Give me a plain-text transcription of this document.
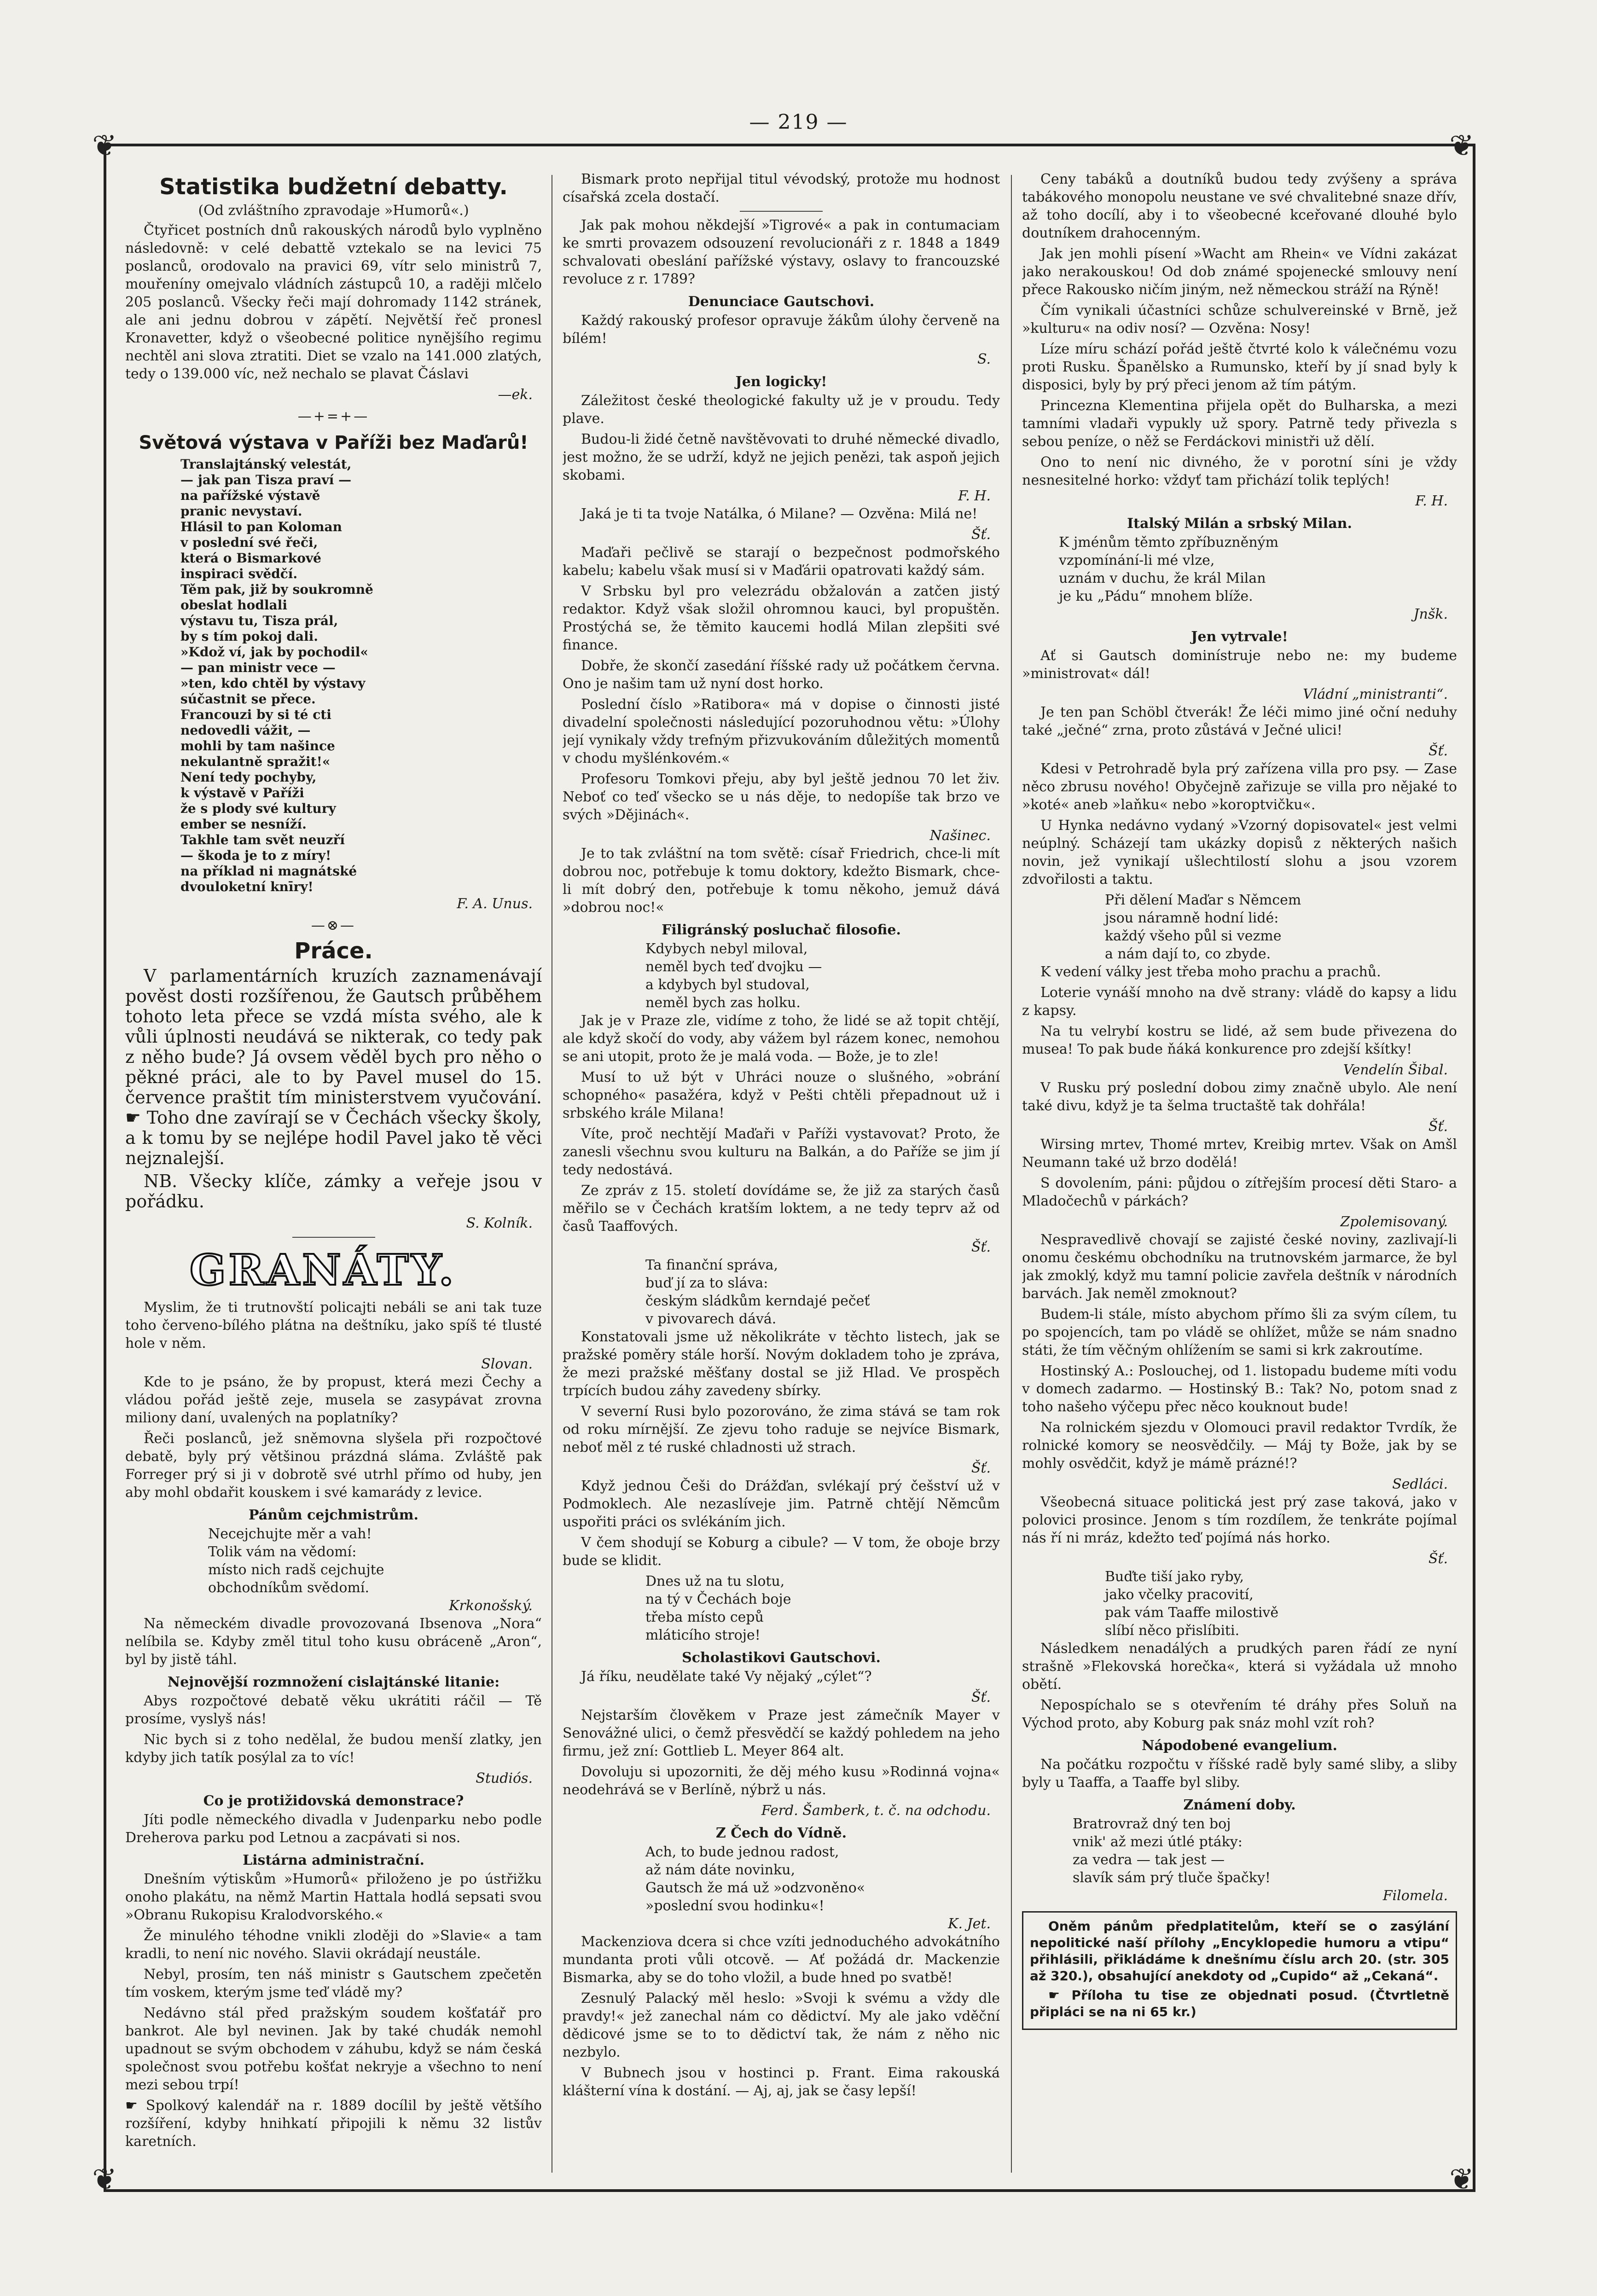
— 219 —
❦	❦
❦	❦
Statistika budžetní debatty.
(Od zvláštního zpravodaje »Humorů«.)

Čtyřicet postních dnů rakouských národů bylo vyplněno následovně: v celé debattě vztekalo se na levici 75 poslanců, orodovalo na pravici 69, vítr selo ministrů 7, mouřeníny omejvalo vládních zástupců 10, a raději mlčelo 205 poslanců. Všecky řeči mají dohromady 1142 stránek, ale ani jednu dobrou v zápětí. Největší řeč pronesl Kronavetter, když o všeobecné politice nynějšího regimu nechtěl ani slova ztratiti. Diet se vzalo na 141.000 zlatých, tedy o 139.000 víc, než nechalo se plavat Čáslavi

—ek.
—+=+—
Světová výstava v Paříži bez Maďarů!
Translajtánský velestát,
— jak pan Tisza praví —
na pařížské výstavě
pranic nevystaví.
Hlásil to pan Koloman
v poslední své řeči,
která o Bismarkové
inspiraci svědčí.
Těm pak, již by soukromně
obeslat hodlali
výstavu tu, Tisza prál,
by s tím pokoj dali.
»Kdož ví, jak by pochodil«
— pan ministr vece —
»ten, kdo chtěl by výstavy
súčastnit se přece.
Francouzi by si té cti
nedovedli vážit, —
mohli by tam našince
nekulantně spražit!«
Není tedy pochyby,
k výstavě v Paříži
že s plody své kultury
ember se nesníží.
Takhle tam svět neuzří
— škoda je to z míry!
na příklad ni magnátské
dvouloketní knīry!
F. A. Unus.
—⊗—
Práce.

V parlamentárních kruzích zaznamenávají pověst dosti rozšířenou, že Gautsch průběhem tohoto leta přece se vzdá místa svého, ale k vůli úplnosti neudává se nikterak, co tedy pak z něho bude? Já ovsem věděl bych pro něho o pěkné práci, ale to by Pavel musel do 15. července praštit tím ministerstvem vyučování. ☛ Toho dne zavírají se v Čechách všecky školy, a k tomu by se nejlépe hodil Pavel jako tě věci nejznalejší.

NB. Všecky klíče, zámky a veřeje jsou v pořádku.

S. Kolník.
GRANÁTY.

Myslim, že ti trutnovští policajti nebáli se ani tak tuze toho červeno-bílého plátna na deštníku, jako spíš té tlusté hole v něm.

Slovan.

Kde to je psáno, že by propust, která mezi Čechy a vládou pořád ještě zeje, musela se zasypávat zrovna miliony daní, uvalených na poplatníky?

Řeči poslanců, jež sněmovna slyšela při rozpočtové debatě, byly prý většinou prázdná sláma. Zvláště pak Forreger prý si ji v dobrotě své utrhl přímo od huby, jen aby mohl obdařit kouskem i své kamarády z levice.

Pánům cejchmistrům.
Necejchujte měr a vah!
Tolik vám na vědomí:
místo nich radš cejchujte
obchodníkům svědomí.
Krkonošský.

Na německém divadle provozovaná Ibsenova „Nora“ nelíbila se. Kdyby změl titul toho kusu obráceně „Aron“, byl by jistě táhl.

Nejnovější rozmnožení cislajtánské litanie:

Abys rozpočtové debatě věku ukrátiti ráčil — Tě prosíme, vyslyš nás!

Nic bych si z toho nedělal, že budou menší zlatky, jen kdyby jich tatík posýlal za to víc!

Studiós.
Co je protižidovská demonstrace?

Jíti podle německého divadla v Judenparku nebo podle Dreherova parku pod Letnou a zacpávati si nos.

Listárna administrační.

Dnešním výtiskům »Humorů« přiloženo je po ústřižku onoho plakátu, na němž Martin Hattala hodlá sepsati svou »Obranu Rukopisu Kralodvorského.«

Že minulého téhodne vnikli zloději do »Slavie« a tam kradli, to není nic nového. Slavii okrádají neustále.

Nebyl, prosím, ten náš ministr s Gautschem zpečetěn tím voskem, kterým jsme teď vládě my?

Nedávno stál před pražským soudem košťatář pro bankrot. Ale byl nevinen. Jak by také chudák nemohl upadnout se svým obchodem v záhubu, když se nám česká společnost svou potřebu košťat nekryje a všechno to není mezi sebou trpí!

☛ Spolkový kalendář na r. 1889 docílil by ještě většího rozšíření, kdyby hnihkatí připojili k němu 32 listův karetních.

Bismark proto nepřijal titul vévodský, protože mu hodnost císařská zcela dostačí.

Jak pak mohou někdejší »Tigrové« a pak in contumaciam ke smrti provazem odsouzení revolucionáři z r. 1848 a 1849 schvalovati obeslání pařížské výstavy, oslavy to francouzské revoluce z r. 1789?

Denunciace Gautschovi.

Každý rakouský profesor opravuje žákům úlohy červeně na bílém!

S.
Jen logicky!

Záležitost české theologické fakulty už je v proudu. Tedy plave.

Budou-li židé četně navštěvovati to druhé německé divadlo, jest možno, že se udrží, když ne jejich penězi, tak aspoň jejich skobami.

F. H.

Jaká je ti ta tvoje Natálka, ó Milane? — Ozvěna: Milá ne!

Šť.

Maďaři pečlivě se starají o bezpečnost podmořského kabelu; kabelu však musí si v Maďárii opatrovati každý sám.

V Srbsku byl pro velezrádu obžalován a zatčen jistý redaktor. Když však složil ohromnou kauci, byl propuštěn. Prostýchá se, že těmito kaucemi hodlá Milan zlepšiti své finance.

Dobře, že skončí zasedání říšské rady už počátkem června. Ono je našim tam už nyní dost horko.

Poslední číslo »Ratibora« má v dopise o činnosti jisté divadelní společnosti následující pozoruhodnou větu: »Úlohy její vynikaly vždy trefným přizvukováním důležitých momentů v chodu myšlénkovém.«

Profesoru Tomkovi přeju, aby byl ještě jednou 70 let živ. Neboť co teď všecko se u nás děje, to nedopíše tak brzo ve svých »Dějinách«.

Našinec.

Je to tak zvláštní na tom světě: císař Friedrich, chce-li mít dobrou noc, potřebuje k tomu doktory, kdežto Bismark, chce-li mít dobrý den, potřebuje k tomu někoho, jemuž dává »dobrou noc!«

Filigránský posluchač filosofie.
Kdybych nebyl miloval,
neměl bych teď dvojku —
a kdybych byl studoval,
neměl bych zas holku.

Jak je v Praze zle, vidíme z toho, že lidé se až topit chtějí, ale když skočí do vody, aby vážem byl rázem konec, nemohou se ani utopit, proto že je malá voda. — Bože, je to zle!

Musí to už být v Uhráci nouze o slušného, »obrání schopného« pasažéra, když v Pešti chtěli přepadnout už i srbského krále Milana!

Víte, proč nechtějí Maďaři v Paříži vystavovat? Proto, že zanesli všechnu svou kulturu na Balkán, a do Paříže se jim jí tedy nedostává.

Ze zpráv z 15. století dovídáme se, že již za starých časů měřilo se v Čechách kratším loktem, a ne tedy teprv až od časů Taaffových.

Šť.
Ta finanční správa,
buď jí za to sláva:
českým sládkům kerndajé pečeť
v pivovarech dává.

Konstatovali jsme už několikráte v těchto listech, jak se pražské poměry stále horší. Novým dokladem toho je zpráva, že mezi pražské měšťany dostal se již Hlad. Ve prospěch trpících budou záhy zavedeny sbírky.

V severní Rusi bylo pozorováno, že zima stává se tam rok od roku mírnější. Ze zjevu toho raduje se nejvíce Bismark, neboť měl z té ruské chladnosti už strach.

Šť.

Když jednou Češi do Drážďan, svlékají prý češství už v Podmoklech. Ale nezaslíveje jim. Patrně chtějí Němcům uspořiti práci os svlékáním jich.

V čem shodují se Koburg a cibule? — V tom, že oboje brzy bude se klidit.

Dnes už na tu slotu,
na tý v Čechách boje
třeba místo cepů
mláticího stroje!
Scholastikovi Gautschovi.

Já říku, neudělate také Vy nějaký „cýlet“?

Šť.

Nejstarším člověkem v Praze jest zámečník Mayer v Senovážné ulici, o čemž přesvědčí se každý pohledem na jeho firmu, jež zní: Gottlieb L. Meyer 864 alt.

Dovoluju si upozorniti, že děj mého kusu »Rodinná vojna« neodehrává se v Berlíně, nýbrž u nás.

Ferd. Šamberk, t. č. na odchodu.
Z Čech do Vídně.
Ach, to bude jednou radost,
až nám dáte novinku,
Gautsch že má už »odzvoněno«
»poslední svou hodinku«!
K. Jet.

Mackenziova dcera si chce vzíti jednoduchého advokátního mundanta proti vůli otcově. — Ať požádá dr. Mackenzie Bismarka, aby se do toho vložil, a bude hned po svatbě!

Zesnulý Palacký měl heslo: »Svoji k svému a vždy dle pravdy!« jež zanechal nám co dědictví. My ale jako vděční dědicové jsme se to to dědictví tak, že nám z něho nic nezbylo.

V Bubnech jsou v hostinci p. Frant. Eima rakouská klášterní vína k dostání. — Aj, aj, jak se časy lepší!

Ceny tabáků a doutníků budou tedy zvýšeny a správa tabákového monopolu neustane ve své chvalitebné snaze dřív, až toho docílí, aby i to všeobecné kceřované dlouhé bylo doutníkem drahocenným.

Jak jen mohli písení »Wacht am Rhein« ve Vídni zakázat jako nerakouskou! Od dob známé spojenecké smlouvy není přece Rakousko ničím jiným, než německou stráží na Rýně!

Čím vynikali účastníci schůze schulvereinské v Brně, jež »kulturu« na odiv nosí? — Ozvěna: Nosy!

Líze míru schází pořád ještě čtvrté kolo k válečnému vozu proti Rusku. Španělsko a Rumunsko, kteří by jí snad byly k disposici, byly by prý přeci jenom až tím pátým.

Princezna Klementina přijela opět do Bulharska, a mezi tamními vladaři vypukly už spory. Patrně tedy přivezla s sebou peníze, o něž se Ferdáckovi ministři už dělí.

Ono to není nic divného, že v porotní síni je vždy nesnesitelné horko: vždyť tam přichází tolik teplých!

F. H.
Italský Milán a srbský Milan.
K jménům těmto zpříbuzněným
vzpomínání-li mé vlze,
uznám v duchu, že král Milan
je ku „Pádu“ mnohem blíže.
Jnšk.
Jen vytrvale!

Ať si Gautsch dominístruje nebo ne: my budeme »ministrovat« dál!

Vládní „ministranti“.

Je ten pan Schöbl čtverák! Že léči mimo jiné oční neduhy také „ječné“ zrna, proto zůstává v Ječné ulici!

Šť.

Kdesi v Petrohradě byla prý zařízena villa pro psy. — Zase něco zbrusu nového! Obyčejně zařizuje se villa pro nějaké to »koté« aneb »laňku« nebo »koroptvičku«.

U Hynka nedávno vydaný »Vzorný dopisovatel« jest velmi neúplný. Scházejí tam ukázky dopisů z některých našich novin, jež vynikají ušlechtilostí slohu a jsou vzorem zdvořilosti a taktu.

Při dělení Maďar s Němcem
jsou náramně hodní lidé:
každý všeho půl si vezme
a nám dají to, co zbyde.

K vedení války jest třeba moho prachu a prachů.

Loterie vynáší mnoho na dvě strany: vládě do kapsy a lidu z kapsy.

Na tu velrybí kostru se lidé, až sem bude přivezena do musea! To pak bude ňáká konkurence pro zdejší kšítky!

Vendelín Šibal.

V Rusku prý poslední dobou zimy značně ubylo. Ale není také divu, když je ta šelma tructaště tak dohřála!

Šť.

Wirsing mrtev, Thomé mrtev, Kreibig mrtev. Však on Amšl Neumann také už brzo dodělá!

S dovolením, páni: půjdou o zítřejším procesí děti Staro- a Mladočechů v párkách?

Zpolemisovaný.

Nespravedlivě chovají se zajisté české noviny, zazlivají-li onomu českému obchodníku na trutnovském jarmarce, že byl jak zmoklý, když mu tamní policie zavřela deštník v národních barvách. Jak neměl zmoknout?

Budem-li stále, místo abychom přímo šli za svým cílem, tu po spojencích, tam po vládě se ohlížet, může se nám snadno státi, že tím věčným ohlížením se sami si krk zakroutíme.

Hostinský A.: Poslouchej, od 1. listopadu budeme míti vodu v domech zadarmo. — Hostinský B.: Tak? No, potom snad z toho našeho výčepu přec něco kouknout bude!

Na rolnickém sjezdu v Olomouci pravil redaktor Tvrdík, že rolnické komory se neosvědčily. — Máj ty Bože, jak by se mohly osvědčit, když je mámě prázné!?

Sedláci.

Všeobecná situace politická jest prý zase taková, jako v polovici prosince. Jenom s tím rozdílem, že tenkráte pojímal nás ří ni mráz, kdežto teď pojímá nás horko.

Šť.
Buďte tiší jako ryby,
jako včelky pracovití,
pak vám Taaffe milostivě
slíbí něco přislíbiti.

Následkem nenadálých a prudkých paren řádí ze nyní strašně »Flekovská horečka«, která si vyžádala už mnoho obětí.

Nepospíchalo se s otevřením té dráhy přes Soluň na Východ proto, aby Koburg pak snáz mohl vzít roh?

Nápodobené evangelium.

Na počátku rozpočtu v říšské radě byly samé sliby, a sliby byly u Taaffa, a Taaffe byl sliby.

Známení doby.
Bratrovraž dný ten boj
vnik' až mezi útlé ptáky:
za vedra — tak jest —
slavík sám prý tluče špačky!
Filomela.

Oněm pánům předplatitelům, kteří se o zasýlání nepolitické naší přílohy „Encyklopedie humoru a vtipu“ přihlásili, přikládáme k dnešnímu číslu arch 20. (str. 305 až 320.), obsahující anekdoty od „Cupido“ až „Cekaná“.

☛ Příloha tu tise ze objednati posud. (Čtvrtletně připláci se na ni 65 kr.)
